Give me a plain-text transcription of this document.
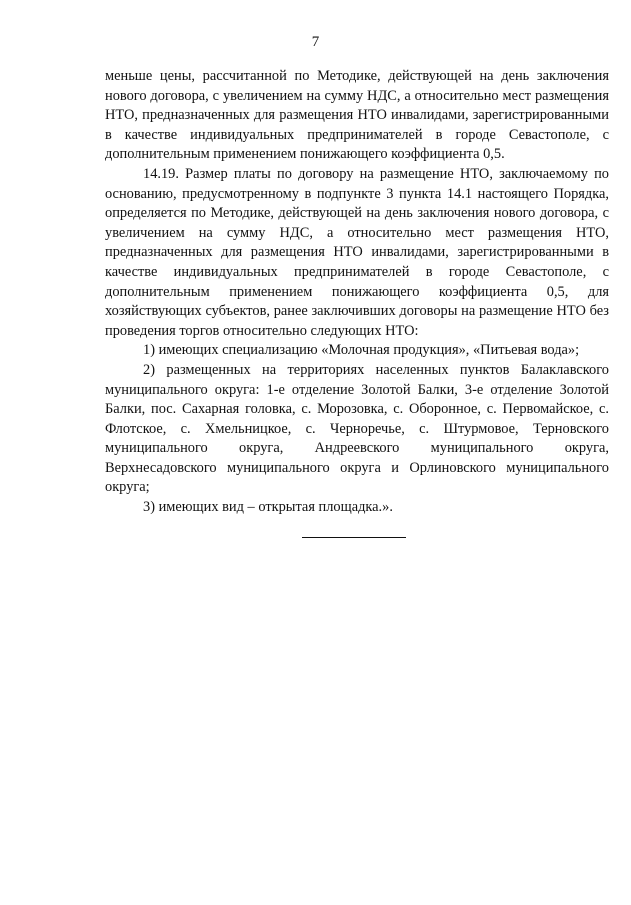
7

меньше цены, рассчитанной по Методике, действующей на день заключения нового договора, с увеличением на сумму НДС, а относительно мест размещения НТО, предназначенных для размещения НТО инвалидами, зарегистрированными в качестве индивидуальных предпринимателей в городе Севастополе, с дополнительным применением понижающего коэффициента 0,5.

14.19. Размер платы по договору на размещение НТО, заключаемому по основанию, предусмотренному в подпункте 3 пункта 14.1 настоящего Порядка, определяется по Методике, действующей на день заключения нового договора, с увеличением на сумму НДС, а относительно мест размещения НТО, предназначенных для размещения НТО инвалидами, зарегистрированными в качестве индивидуальных предпринимателей в городе Севастополе, с дополнительным применением понижающего коэффициента 0,5, для хозяйствующих субъектов, ранее заключивших договоры на размещение НТО без проведения торгов относительно следующих НТО:

1) имеющих специализацию «Молочная продукция», «Питьевая вода»;

2) размещенных на территориях населенных пунктов Балаклавского муниципального округа: 1-е отделение Золотой Балки, 3-е отделение Золотой Балки, пос. Сахарная головка, с. Морозовка, с. Оборонное, с. Первомайское, с. Флотское, с. Хмельницкое, с. Черноречье, с. Штурмовое, Терновского муниципального округа, Андреевского муниципального округа, Верхнесадовского муниципального округа и Орлиновского муниципального округа;

3) имеющих вид – открытая площадка.».
